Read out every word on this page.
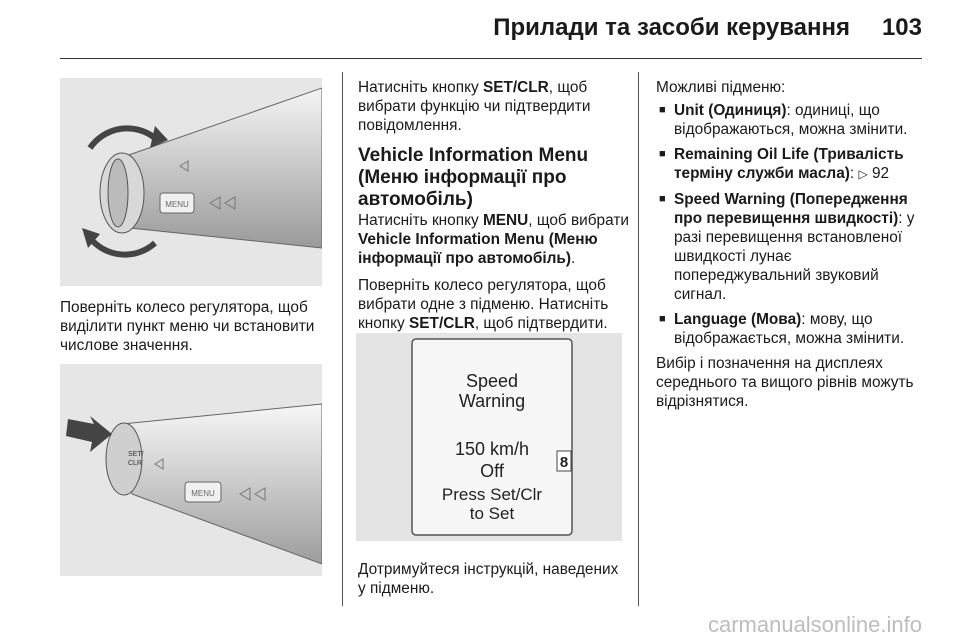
Прилади та засоби керування 103
MENU

Поверніть колесо регулятора, щоб виділити пункт меню чи встановити числове значення.

SET/
CLR
MENU

Натисніть кнопку SET/CLR, щоб вибрати функцію чи підтвердити повідомлення.

Vehicle Information Menu (Меню інформації про автомобіль)

Натисніть кнопку MENU, щоб вибрати Vehicle Information Menu (Меню інформації про автомобіль).

Поверніть колесо регулятора, щоб вибрати одне з підменю. Натисніть кнопку SET/CLR, щоб підтвердити.

Speed
Warning
150 km/h
Off
Press Set/Clr
to Set
8

Дотримуйтеся інструкцій, наведених у підменю.

Можливі підменю:

■ Unit (Одиниця): одиниці, що відображаються, можна змінити.
■ Remaining Oil Life (Тривалість терміну служби масла): ▷ 92
■ Speed Warning (Попередження про перевищення швидкості): у разі перевищення встановленої швидкості лунає попереджувальний звуковий сигнал.
■ Language (Мова): мову, що відображається, можна змінити.

Вибір і позначення на дисплеях середнього та вищого рівнів можуть відрізнятися.

carmanualsonline.info
